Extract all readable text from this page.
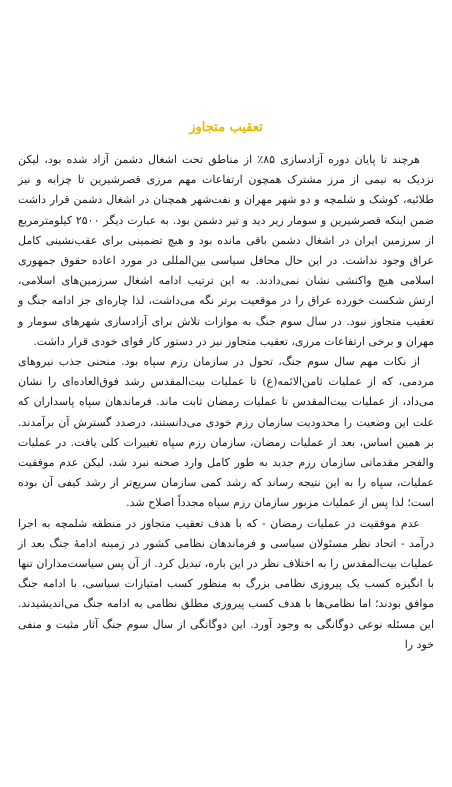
تعقیب متجاوز

هرچند تا پایان دوره آزادسازی ۸۵٪ از مناطق تحت اشغال دشمن آزاد شده بود، لیکن نزدیک به نیمی از مرز مشترک همچون ارتفاعات مهم مرزی قصرشیرین تا چزابه و نیز طلائیه، کوشک و شلمچه و دو شهر مهران و نفت‌شهر همچنان در اشغال دشمن قرار داشت ضمن اینکه قصرشیرین و سومار زیر دید و تیر دشمن بود. به عبارت دیگر ۲۵۰۰ کیلومترمربع از سرزمین ایران در اشغال دشمن باقی مانده بود و هیچ تضمینی برای عقب‌نشینی کامل عراق وجود نداشت. در این حال محافل سیاسی بین‌المللی در مورد اعاده حقوق جمهوری اسلامی هیچ واکنشی نشان نمی‌دادند. به این ترتیب ادامه اشغال سرزمین‌های اسلامی، ارتش شکست خورده عراق را در موقعیت برتر نگه می‌داشت، لذا چاره‌ای جز ادامه جنگ و تعقیب متجاوز نبود. در سال سوم جنگ به موازات تلاش برای آزادسازی شهرهای سومار و مهران و برخی ارتفاعات مرزی، تعقیب متجاوز نیز در دستور کار قوای خودی قرار داشت.

از نکات مهم سال سوم جنگ، تحول در سازمان رزم سپاه بود. منحنی جذب نیروهای مردمی، که از عملیات ثامن‌الائمه(ع) تا عملیات بیت‌المقدس رشد فوق‌العاده‌ای را نشان می‌داد، از عملیات بیت‌المقدس تا عملیات رمضان ثابت ماند. فرماندهان سپاه پاسداران که علت این وضعیت را محدودیت سازمان رزم خودی می‌دانستند، درصدد گسترش آن برآمدند. بر همین اساس، بعد از عملیات رمضان، سازمان رزم سپاه تغییرات کلی یافت. در عملیات والفجر مقدماتی سازمان رزم جدید به طور کامل وارد صحنه نبرد شد، لیکن عدم موفقیت عملیات، سپاه را به این نتیجه رساند که رشد کمی سازمان سریع‌تر از رشد کیفی آن بوده است؛ لذا پس از عملیات مزبور سازمان رزم سپاه مجدداً اصلاح شد.

عدم موفقیت در عملیات رمضان - که با هدف تعقیب متجاوز در منطقه شلمچه به اجرا درآمد - اتحاد نظر مسئولان سیاسی و فرماندهان نظامی کشور در زمینه ادامهٔ جنگ بعد از عملیات بیت‌المقدس را به اختلاف نظر در این باره، تبدیل کرد. از آن پس سیاست‌مداران تنها با انگیزه کسب یک پیروزی نظامی بزرگ به منظور کسب امتیازات سیاسی، با ادامه جنگ موافق بودند؛ اما نظامی‌ها با هدف کسب پیروزی مطلق نظامی به ادامه جنگ می‌اندیشیدند. این مسئله نوعی دوگانگی به وجود آورد. این دوگانگی از سال سوم جنگ آثار مثبت و منفی خود را
